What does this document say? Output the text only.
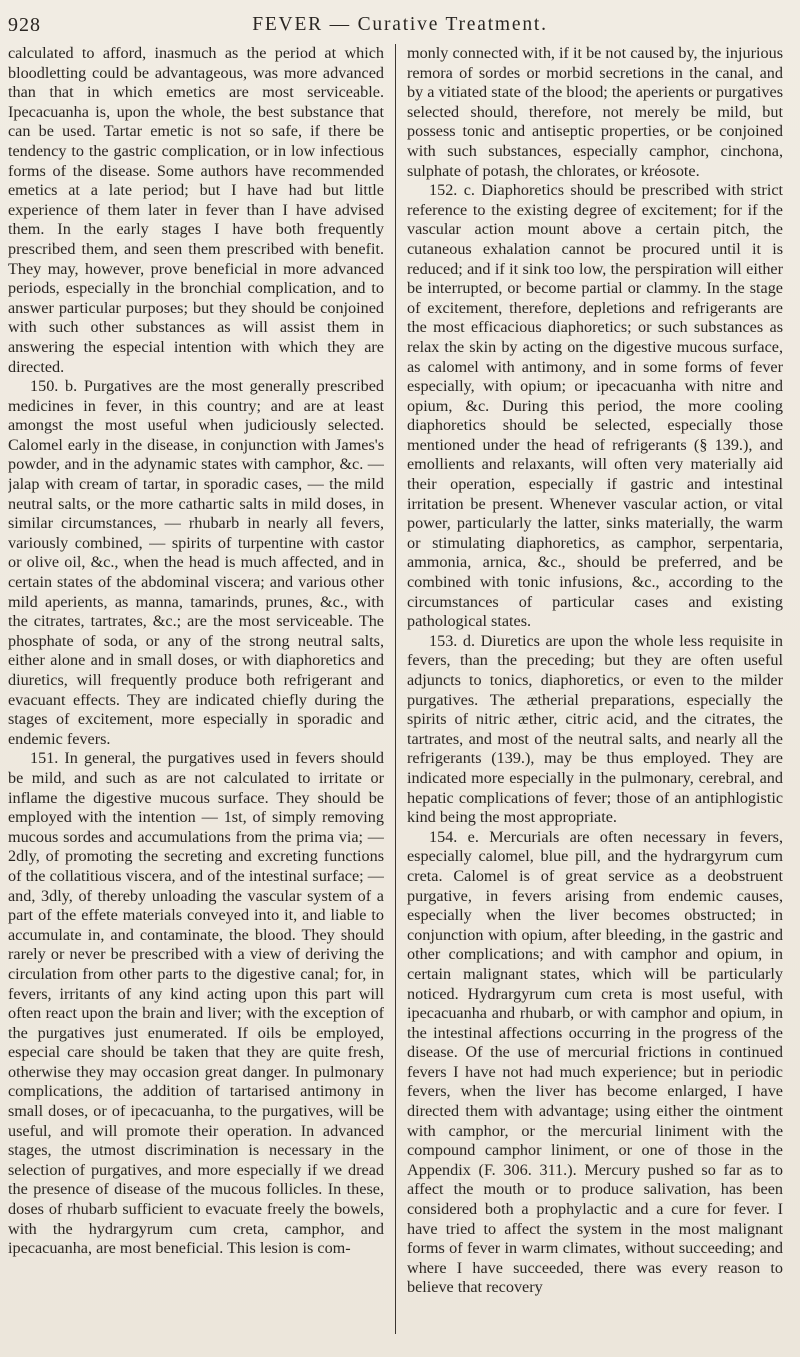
928	FEVER — Curative Treatment.

calculated to afford, inasmuch as the period at which bloodletting could be advantageous, was more advanced than that in which emetics are most serviceable. Ipecacuanha is, upon the whole, the best substance that can be used. Tartar emetic is not so safe, if there be tendency to the gastric complication, or in low infectious forms of the disease. Some authors have recommended emetics at a late period; but I have had but little experience of them later in fever than I have advised them. In the early stages I have both frequently prescribed them, and seen them prescribed with benefit. They may, however, prove beneficial in more advanced periods, especially in the bronchial complication, and to answer particular purposes; but they should be conjoined with such other substances as will assist them in answering the especial intention with which they are directed.

150. b. Purgatives are the most generally prescribed medicines in fever, in this country; and are at least amongst the most useful when judiciously selected. Calomel early in the disease, in conjunction with James's powder, and in the adynamic states with camphor, &c. — jalap with cream of tartar, in sporadic cases, — the mild neutral salts, or the more cathartic salts in mild doses, in similar circumstances, — rhubarb in nearly all fevers, variously combined, — spirits of turpentine with castor or olive oil, &c., when the head is much affected, and in certain states of the abdominal viscera; and various other mild aperients, as manna, tamarinds, prunes, &c., with the citrates, tartrates, &c.; are the most serviceable. The phosphate of soda, or any of the strong neutral salts, either alone and in small doses, or with diaphoretics and diuretics, will frequently produce both refrigerant and evacuant effects. They are indicated chiefly during the stages of excitement, more especially in sporadic and endemic fevers.

151. In general, the purgatives used in fevers should be mild, and such as are not calculated to irritate or inflame the digestive mucous surface. They should be employed with the intention — 1st, of simply removing mucous sordes and accumulations from the prima via; — 2dly, of promoting the secreting and excreting functions of the collatitious viscera, and of the intestinal surface; — and, 3dly, of thereby unloading the vascular system of a part of the effete materials conveyed into it, and liable to accumulate in, and contaminate, the blood. They should rarely or never be prescribed with a view of deriving the circulation from other parts to the digestive canal; for, in fevers, irritants of any kind acting upon this part will often react upon the brain and liver; with the exception of the purgatives just enumerated. If oils be employed, especial care should be taken that they are quite fresh, otherwise they may occasion great danger. In pulmonary complications, the addition of tartarised antimony in small doses, or of ipecacuanha, to the purgatives, will be useful, and will promote their operation. In advanced stages, the utmost discrimination is necessary in the selection of purgatives, and more especially if we dread the presence of disease of the mucous follicles. In these, doses of rhubarb sufficient to evacuate freely the bowels, with the hydrargyrum cum creta, camphor, and ipecacuanha, are most beneficial. This lesion is com-

monly connected with, if it be not caused by, the injurious remora of sordes or morbid secretions in the canal, and by a vitiated state of the blood; the aperients or purgatives selected should, therefore, not merely be mild, but possess tonic and antiseptic properties, or be conjoined with such substances, especially camphor, cinchona, sulphate of potash, the chlorates, or kréosote.

152. c. Diaphoretics should be prescribed with strict reference to the existing degree of excitement; for if the vascular action mount above a certain pitch, the cutaneous exhalation cannot be procured until it is reduced; and if it sink too low, the perspiration will either be interrupted, or become partial or clammy. In the stage of excitement, therefore, depletions and refrigerants are the most efficacious diaphoretics; or such substances as relax the skin by acting on the digestive mucous surface, as calomel with antimony, and in some forms of fever especially, with opium; or ipecacuanha with nitre and opium, &c. During this period, the more cooling diaphoretics should be selected, especially those mentioned under the head of refrigerants (§ 139.), and emollients and relaxants, will often very materially aid their operation, especially if gastric and intestinal irritation be present. Whenever vascular action, or vital power, particularly the latter, sinks materially, the warm or stimulating diaphoretics, as camphor, serpentaria, ammonia, arnica, &c., should be preferred, and be combined with tonic infusions, &c., according to the circumstances of particular cases and existing pathological states.

153. d. Diuretics are upon the whole less requisite in fevers, than the preceding; but they are often useful adjuncts to tonics, diaphoretics, or even to the milder purgatives. The ætherial preparations, especially the spirits of nitric æther, citric acid, and the citrates, the tartrates, and most of the neutral salts, and nearly all the refrigerants (139.), may be thus employed. They are indicated more especially in the pulmonary, cerebral, and hepatic complications of fever; those of an antiphlogistic kind being the most appropriate.

154. e. Mercurials are often necessary in fevers, especially calomel, blue pill, and the hydrargyrum cum creta. Calomel is of great service as a deobstruent purgative, in fevers arising from endemic causes, especially when the liver becomes obstructed; in conjunction with opium, after bleeding, in the gastric and other complications; and with camphor and opium, in certain malignant states, which will be particularly noticed. Hydrargyrum cum creta is most useful, with ipecacuanha and rhubarb, or with camphor and opium, in the intestinal affections occurring in the progress of the disease. Of the use of mercurial frictions in continued fevers I have not had much experience; but in periodic fevers, when the liver has become enlarged, I have directed them with advantage; using either the ointment with camphor, or the mercurial liniment with the compound camphor liniment, or one of those in the Appendix (F. 306. 311.). Mercury pushed so far as to affect the mouth or to produce salivation, has been considered both a prophylactic and a cure for fever. I have tried to affect the system in the most malignant forms of fever in warm climates, without succeeding; and where I have succeeded, there was every reason to believe that recovery
